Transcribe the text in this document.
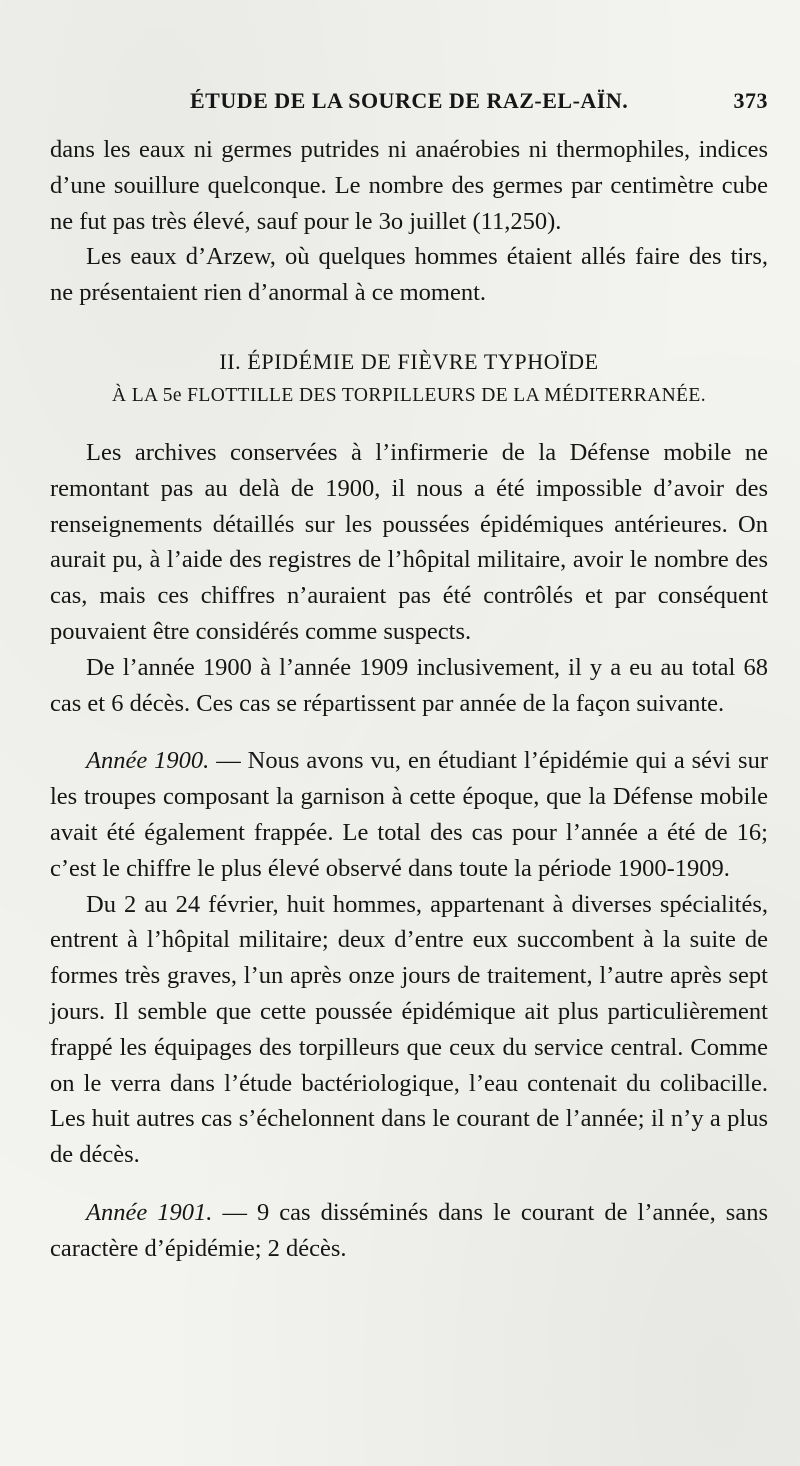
ÉTUDE DE LA SOURCE DE RAZ-EL-AÏN.	373

dans les eaux ni germes putrides ni anaérobies ni thermophiles, indices d’une souillure quelconque. Le nombre des germes par centimètre cube ne fut pas très élevé, sauf pour le 3o juillet (11,250).

Les eaux d’Arzew, où quelques hommes étaient allés faire des tirs, ne présentaient rien d’anormal à ce moment.

II. ÉPIDÉMIE DE FIÈVRE TYPHOÏDE
À LA 5e FLOTTILLE DES TORPILLEURS DE LA MÉDITERRANÉE.

Les archives conservées à l’infirmerie de la Défense mobile ne remontant pas au delà de 1900, il nous a été impossible d’avoir des renseignements détaillés sur les poussées épidémiques antérieures. On aurait pu, à l’aide des registres de l’hôpital militaire, avoir le nombre des cas, mais ces chiffres n’auraient pas été contrôlés et par conséquent pouvaient être considérés comme suspects.

De l’année 1900 à l’année 1909 inclusivement, il y a eu au total 68 cas et 6 décès. Ces cas se répartissent par année de la façon suivante.

Année 1900. — Nous avons vu, en étudiant l’épidémie qui a sévi sur les troupes composant la garnison à cette époque, que la Défense mobile avait été également frappée. Le total des cas pour l’année a été de 16; c’est le chiffre le plus élevé observé dans toute la période 1900-1909.

Du 2 au 24 février, huit hommes, appartenant à diverses spécialités, entrent à l’hôpital militaire; deux d’entre eux succombent à la suite de formes très graves, l’un après onze jours de traitement, l’autre après sept jours. Il semble que cette poussée épidémique ait plus particulièrement frappé les équipages des torpilleurs que ceux du service central. Comme on le verra dans l’étude bactériologique, l’eau contenait du colibacille. Les huit autres cas s’échelonnent dans le courant de l’année; il n’y a plus de décès.

Année 1901. — 9 cas disséminés dans le courant de l’année, sans caractère d’épidémie; 2 décès.
